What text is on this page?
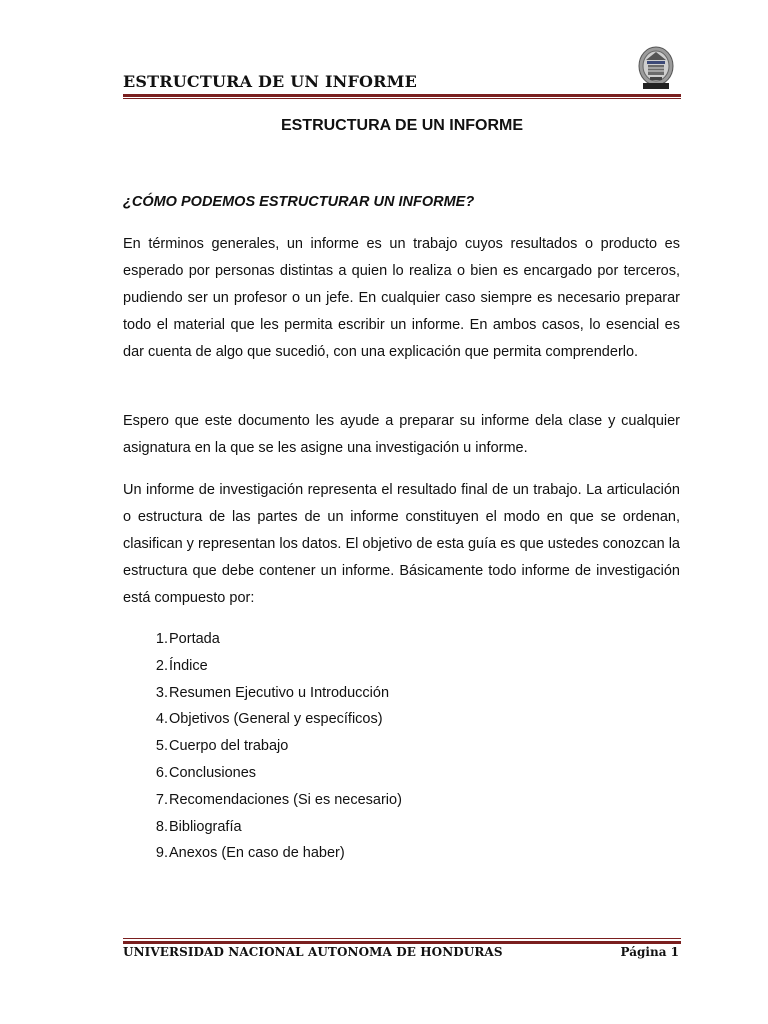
ESTRUCTURA DE UN INFORME
ESTRUCTURA DE UN INFORME
¿CÓMO PODEMOS ESTRUCTURAR UN INFORME?

En términos generales, un informe es un trabajo cuyos resultados o producto es esperado por personas distintas a quien lo realiza o bien es encargado por terceros, pudiendo ser un profesor o un jefe. En cualquier caso siempre es necesario preparar todo el material que les permita escribir un informe. En ambos casos, lo esencial es dar cuenta de algo que sucedió, con una explicación que permita comprenderlo.

Espero que este documento les ayude a preparar su informe dela clase y cualquier asignatura en la que se les asigne una investigación u informe.

Un informe de investigación representa el resultado final de un trabajo. La articulación o estructura de las partes de un informe constituyen el modo en que se ordenan, clasifican y representan los datos. El objetivo de esta guía es que ustedes conozcan la estructura que debe contener un informe. Básicamente todo informe de investigación está compuesto por:

1. Portada
2. Índice
3. Resumen Ejecutivo u Introducción
4. Objetivos (General y específicos)
5. Cuerpo del trabajo
6. Conclusiones
7. Recomendaciones (Si es necesario)
8. Bibliografía
9. Anexos (En caso de haber)
UNIVERSIDAD NACIONAL AUTONOMA DE HONDURAS	Página 1
